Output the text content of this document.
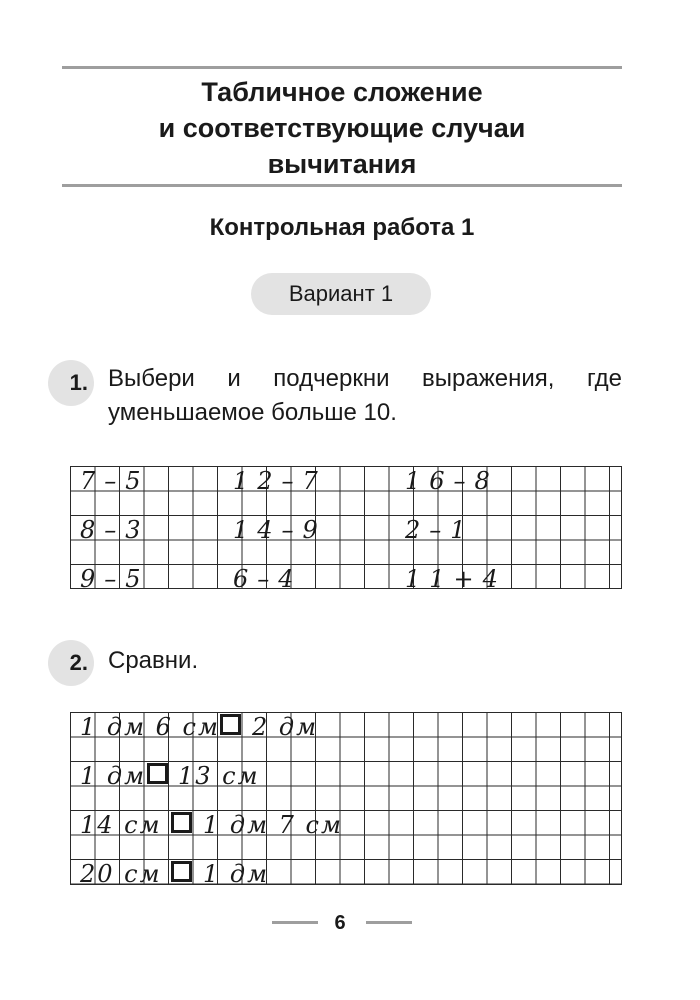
Табличное сложение
и соответствующие случаи
вычитания
Контрольная работа 1
Вариант 1
1. Выбери и подчеркни выражения, где уменьшаемое больше 10.
7–5	12–7	16–8
8–3	14–9	2–1
9–5	6–4	11+4
2. Сравни.
1 дм 6 см 2 дм
1 дм 13 см
14 см 1 дм 7 см
20 см 1 дм
6
